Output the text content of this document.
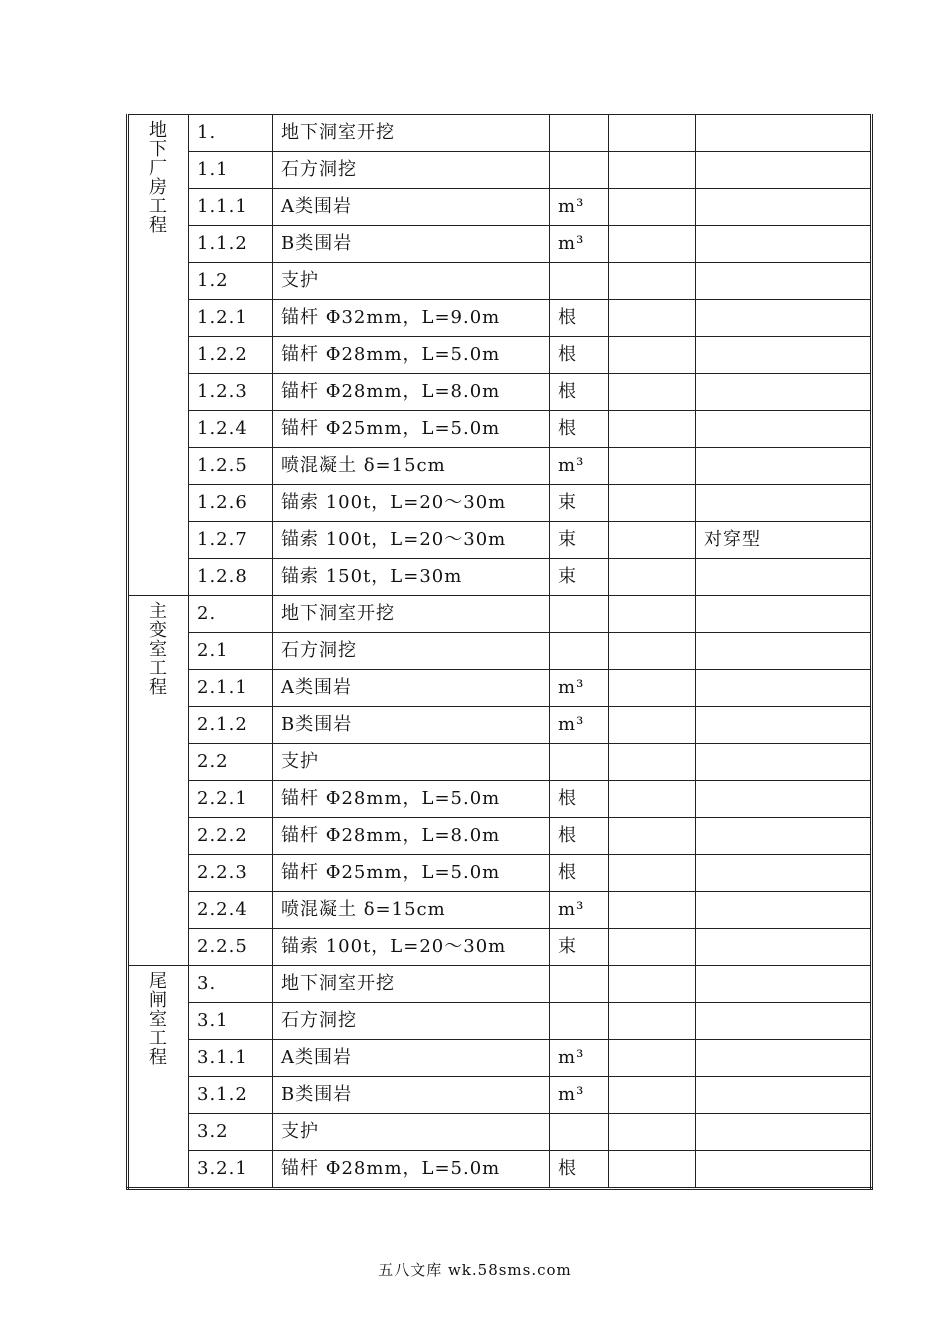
地下厂房工程	1.	地下洞室开挖			
	1.1	石方洞挖			
	1.1.1	A类围岩	m³		
	1.1.2	B类围岩	m³		
	1.2	支护			
	1.2.1	锚杆 Φ32mm，L=9.0m	根		
	1.2.2	锚杆 Φ28mm，L=5.0m	根		
	1.2.3	锚杆 Φ28mm，L=8.0m	根		
	1.2.4	锚杆 Φ25mm，L=5.0m	根		
	1.2.5	喷混凝土 δ=15cm	m³		
	1.2.6	锚索 100t，L=20～30m	束		
	1.2.7	锚索 100t，L=20～30m	束		对穿型
	1.2.8	锚索 150t，L=30m	束		
主变室工程	2.	地下洞室开挖			
	2.1	石方洞挖			
	2.1.1	A类围岩	m³		
	2.1.2	B类围岩	m³		
	2.2	支护			
	2.2.1	锚杆 Φ28mm，L=5.0m	根		
	2.2.2	锚杆 Φ28mm，L=8.0m	根		
	2.2.3	锚杆 Φ25mm，L=5.0m	根		
	2.2.4	喷混凝土 δ=15cm	m³		
	2.2.5	锚索 100t，L=20～30m	束		
尾闸室工程	3.	地下洞室开挖			
	3.1	石方洞挖			
	3.1.1	A类围岩	m³		
	3.1.2	B类围岩	m³		
	3.2	支护			
	3.2.1	锚杆 Φ28mm，L=5.0m	根		
五八文库 wk.58sms.com
